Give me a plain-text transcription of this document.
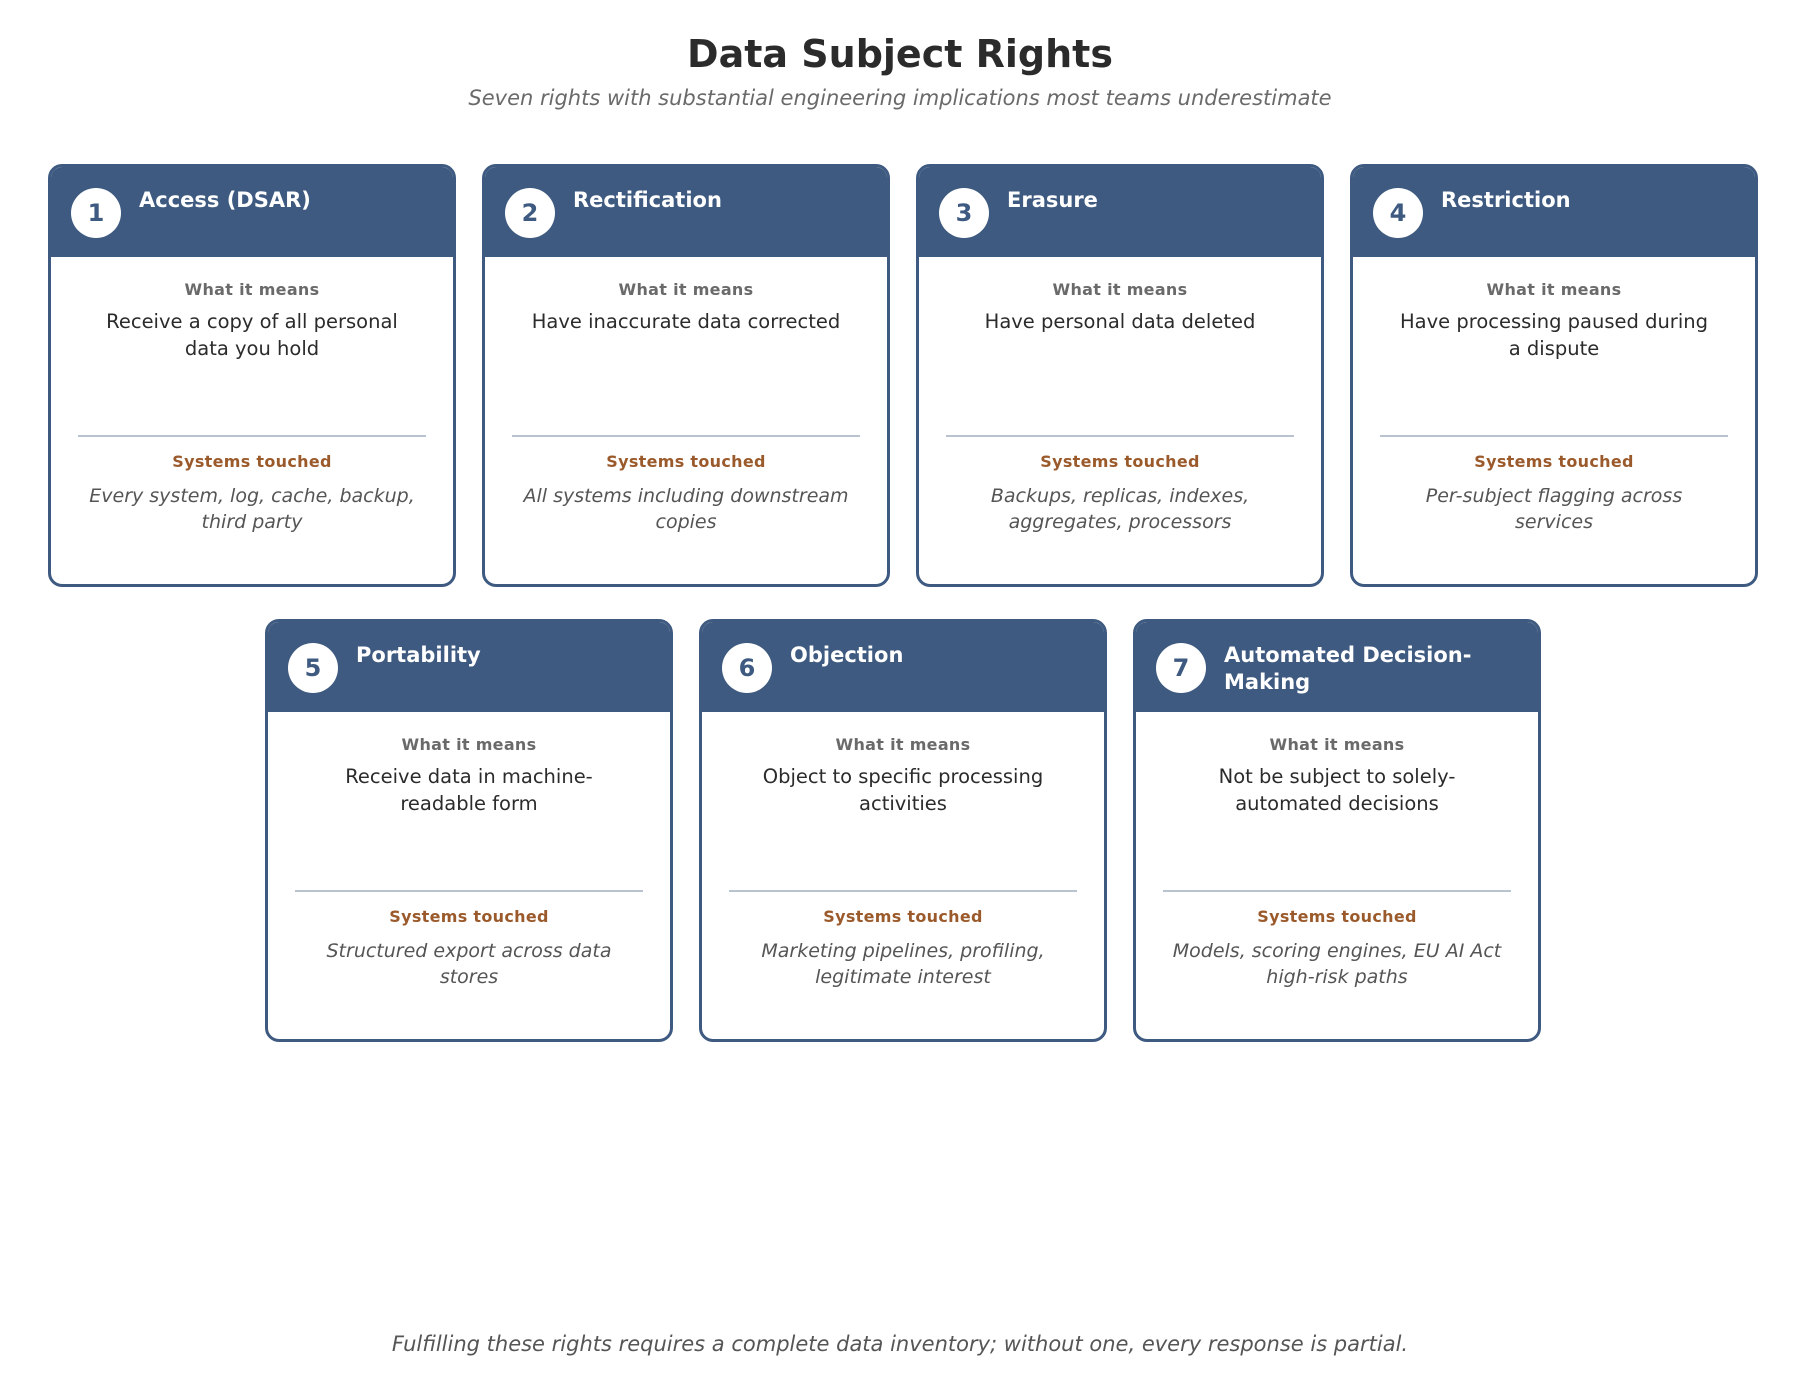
Data Subject Rights
Seven rights with substantial engineering implications most teams underestimate
1	Access (DSAR)
What it means
Receive a copy of all personal data you hold
Systems touched
Every system, log, cache, backup, third party
2	Rectification
What it means
Have inaccurate data corrected
Systems touched
All systems including downstream copies
3	Erasure
What it means
Have personal data deleted
Systems touched
Backups, replicas, indexes, aggregates, processors
4	Restriction
What it means
Have processing paused during a dispute
Systems touched
Per-subject flagging across services
5	Portability
What it means
Receive data in machine-readable form
Systems touched
Structured export across data stores
6	Objection
What it means
Object to specific processing activities
Systems touched
Marketing pipelines, profiling, legitimate interest
7	Automated Decision-Making
What it means
Not be subject to solely-automated decisions
Systems touched
Models, scoring engines, EU AI Act high-risk paths
Fulfilling these rights requires a complete data inventory; without one, every response is partial.
